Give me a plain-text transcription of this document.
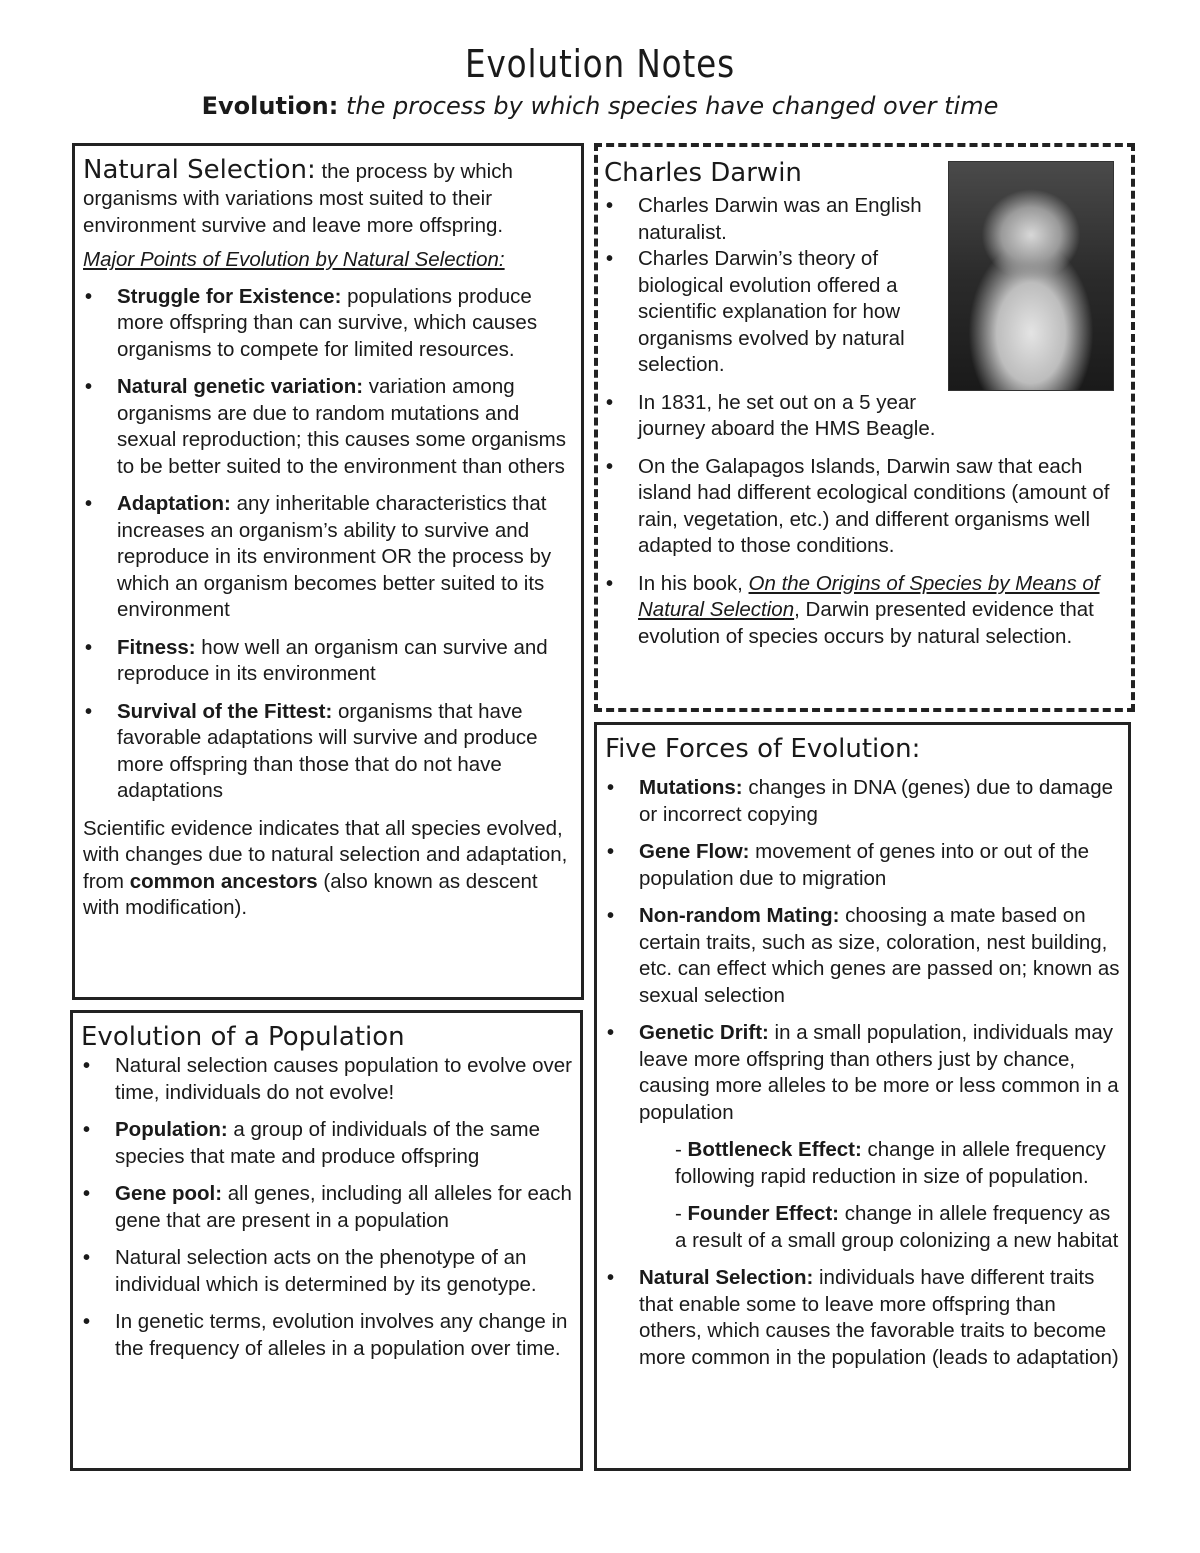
Evolution Notes
Evolution: the process by which species have changed over time
Natural Selection: the process by which organisms with variations most suited to their environment survive and leave more offspring.
Major Points of Evolution by Natural Selection:
• Struggle for Existence: populations produce more offspring than can survive, which causes organisms to compete for limited resources.
• Natural genetic variation: variation among organisms are due to random mutations and sexual reproduction; this causes some organisms to be better suited to the environment than others
• Adaptation: any inheritable characteristics that increases an organism’s ability to survive and reproduce in its environment OR the process by which an organism becomes better suited to its environment
• Fitness: how well an organism can survive and reproduce in its environment
• Survival of the Fittest: organisms that have favorable adaptations will survive and produce more offspring than those that do not have adaptations
Scientific evidence indicates that all species evolved, with changes due to natural selection and adaptation, from common ancestors (also known as descent with modification).
Evolution of a Population
• Natural selection causes population to evolve over time, individuals do not evolve!
• Population: a group of individuals of the same species that mate and produce offspring
• Gene pool: all genes, including all alleles for each gene that are present in a population
• Natural selection acts on the phenotype of an individual which is determined by its genotype.
• In genetic terms, evolution involves any change in the frequency of alleles in a population over time.
Charles Darwin
• Charles Darwin was an English naturalist.
• Charles Darwin’s theory of biological evolution offered a scientific explanation for how organisms evolved by natural selection.
• In 1831, he set out on a 5 year journey aboard the HMS Beagle.
• On the Galapagos Islands, Darwin saw that each island had different ecological conditions (amount of rain, vegetation, etc.) and different organisms well adapted to those conditions.
• In his book, On the Origins of Species by Means of Natural Selection, Darwin presented evidence that evolution of species occurs by natural selection.
Five Forces of Evolution:
• Mutations: changes in DNA (genes) due to damage or incorrect copying
• Gene Flow: movement of genes into or out of the population due to migration
• Non-random Mating: choosing a mate based on certain traits, such as size, coloration, nest building, etc. can effect which genes are passed on; known as sexual selection
• Genetic Drift: in a small population, individuals may leave more offspring than others just by chance, causing more alleles to be more or less common in a population
- Bottleneck Effect: change in allele frequency following rapid reduction in size of population.
- Founder Effect: change in allele frequency as a result of a small group colonizing a new habitat
• Natural Selection: individuals have different traits that enable some to leave more offspring than others, which causes the favorable traits to become more common in the population (leads to adaptation)
